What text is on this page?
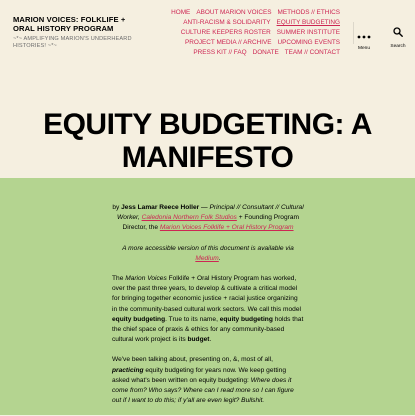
MARION VOICES: FOLKLIFE + ORAL HISTORY PROGRAM
~*~ AMPLIFYING MARION'S UNDERHEARD HISTORIES! ~*~
HOME ABOUT MARION VOICES METHODS // ETHICS
ANTI-RACISM & SOLIDARITY EQUITY BUDGETING
CULTURE KEEPERS ROSTER SUMMER INSTITUTE
PROJECT MEDIA // ARCHIVE UPCOMING EVENTS
PRESS KIT // FAQ DONATE TEAM // CONTACT
Menu	Search
EQUITY BUDGETING: A MANIFESTO

by Jess Lamar Reece Holler — Principal // Consultant // Cultural Worker, Caledonia Northern Folk Studios + Founding Program Director, the Marion Voices Folklife + Oral History Program

A more accessible version of this document is available via Medium.

The Marion Voices Folklife + Oral History Program has worked, over the past three years, to develop & cultivate a critical model for bringing together economic justice + racial justice organizing in the community-based cultural work sectors. We call this model equity budgeting. True to its name, equity budgeting holds that the chief space of praxis & ethics for any community-based cultural work project is its budget.

We've been talking about, presenting on, &, most of all, practicing equity budgeting for years now. We keep getting asked what's been written on equity budgeting: Where does it come from? Who says? Where can I read more so I can figure out if I want to do this; if y'all are even legit? Bullshit.
